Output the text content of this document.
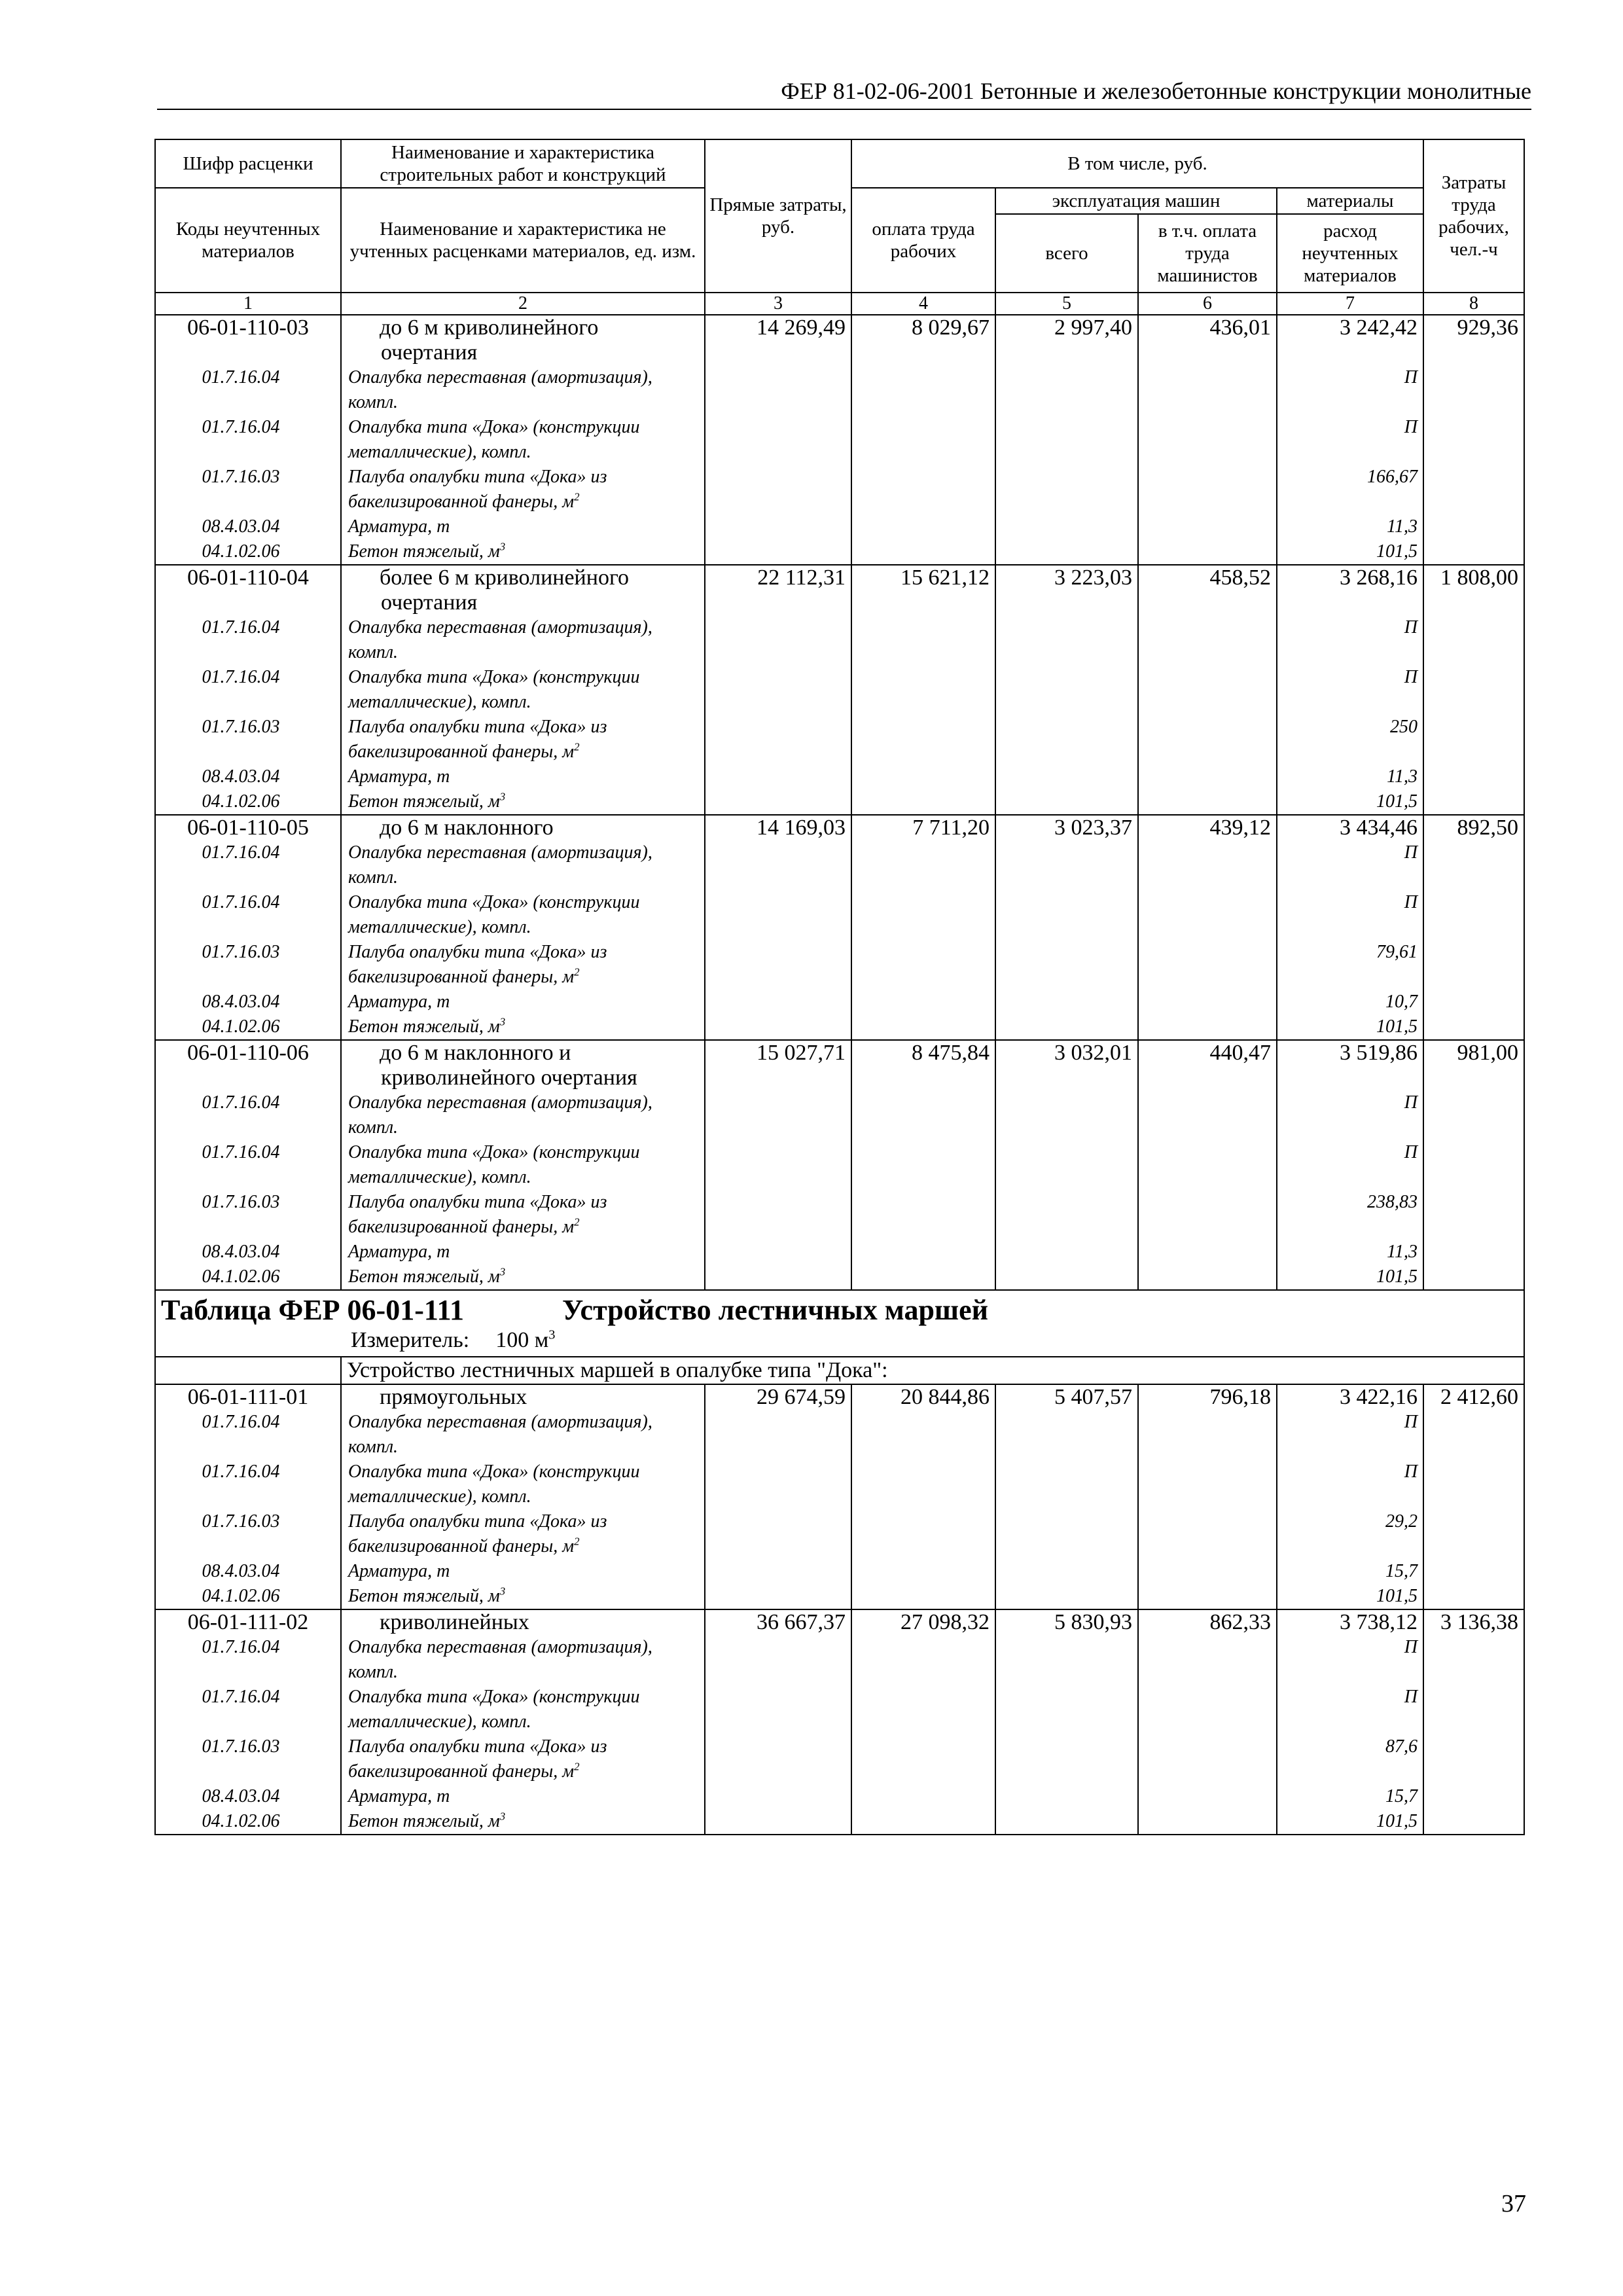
ФЕР 81-02-06-2001 Бетонные и железобетонные конструкции монолитные
Шифр расценки	Наименование и характеристика строительных работ и конструкций	Прямые затраты, руб.	В том числе, руб.				Затраты труда рабочих, чел.-ч
Коды неучтенных материалов	Наименование и характеристика не учтенных расценками материалов, ед. изм.		оплата труда рабочих	эксплуатация машин		материалы	
				всего	в т.ч. оплата труда машинистов	расход неучтенных материалов	
1	2	3	4	5	6	7	8
06-01-110-03	до 6 м криволинейного очертания	14 269,49	8 029,67	2 997,40	436,01	3 242,42	929,36
01.7.16.04	Опалубка переставная (амортизация), компл.					П	
01.7.16.04	Опалубка типа «Дока» (конструкции металлические), компл.					П	
01.7.16.03	Палуба опалубки типа «Дока» из бакелизированной фанеры, $м^2$					166,67	
08.4.03.04	Арматура, т					11,3	
04.1.02.06	Бетон тяжелый, $м^3$					101,5	
06-01-110-04	более 6 м криволинейного очертания	22 112,31	15 621,12	3 223,03	458,52	3 268,16	1 808,00
01.7.16.04	Опалубка переставная (амортизация), компл.					П	
01.7.16.04	Опалубка типа «Дока» (конструкции металлические), компл.					П	
01.7.16.03	Палуба опалубки типа «Дока» из бакелизированной фанеры, $м^2$					250	
08.4.03.04	Арматура, т					11,3	
04.1.02.06	Бетон тяжелый, $м^3$					101,5	
06-01-110-05	до 6 м наклонного	14 169,03	7 711,20	3 023,37	439,12	3 434,46	892,50
01.7.16.04	Опалубка переставная (амортизация), компл.					П	
01.7.16.04	Опалубка типа «Дока» (конструкции металлические), компл.					П	
01.7.16.03	Палуба опалубки типа «Дока» из бакелизированной фанеры, $м^2$					79,61	
08.4.03.04	Арматура, т					10,7	
04.1.02.06	Бетон тяжелый, $м^3$					101,5	
06-01-110-06	до 6 м наклонного и криволинейного очертания	15 027,71	8 475,84	3 032,01	440,47	3 519,86	981,00
01.7.16.04	Опалубка переставная (амортизация), компл.					П	
01.7.16.04	Опалубка типа «Дока» (конструкции металлические), компл.					П	
01.7.16.03	Палуба опалубки типа «Дока» из бакелизированной фанеры, $м^2$					238,83	
08.4.03.04	Арматура, т					11,3	
04.1.02.06	Бетон тяжелый, $м^3$					101,5	

Таблица ФЕР 06-01-111 Устройство лестничных маршей
Измеритель: 100 $м^3$

	Устройство лестничных маршей в опалубке типа "Дока":						
06-01-111-01	прямоугольных	29 674,59	20 844,86	5 407,57	796,18	3 422,16	2 412,60
01.7.16.04	Опалубка переставная (амортизация), компл.					П	
01.7.16.04	Опалубка типа «Дока» (конструкции металлические), компл.					П	
01.7.16.03	Палуба опалубки типа «Дока» из бакелизированной фанеры, $м^2$					29,2	
08.4.03.04	Арматура, т					15,7	
04.1.02.06	Бетон тяжелый, $м^3$					101,5	
06-01-111-02	криволинейных	36 667,37	27 098,32	5 830,93	862,33	3 738,12	3 136,38
01.7.16.04	Опалубка переставная (амортизация), компл.					П	
01.7.16.04	Опалубка типа «Дока» (конструкции металлические), компл.					П	
01.7.16.03	Палуба опалубки типа «Дока» из бакелизированной фанеры, $м^2$					87,6	
08.4.03.04	Арматура, т					15,7	
04.1.02.06	Бетон тяжелый, $м^3$					101,5	
37
